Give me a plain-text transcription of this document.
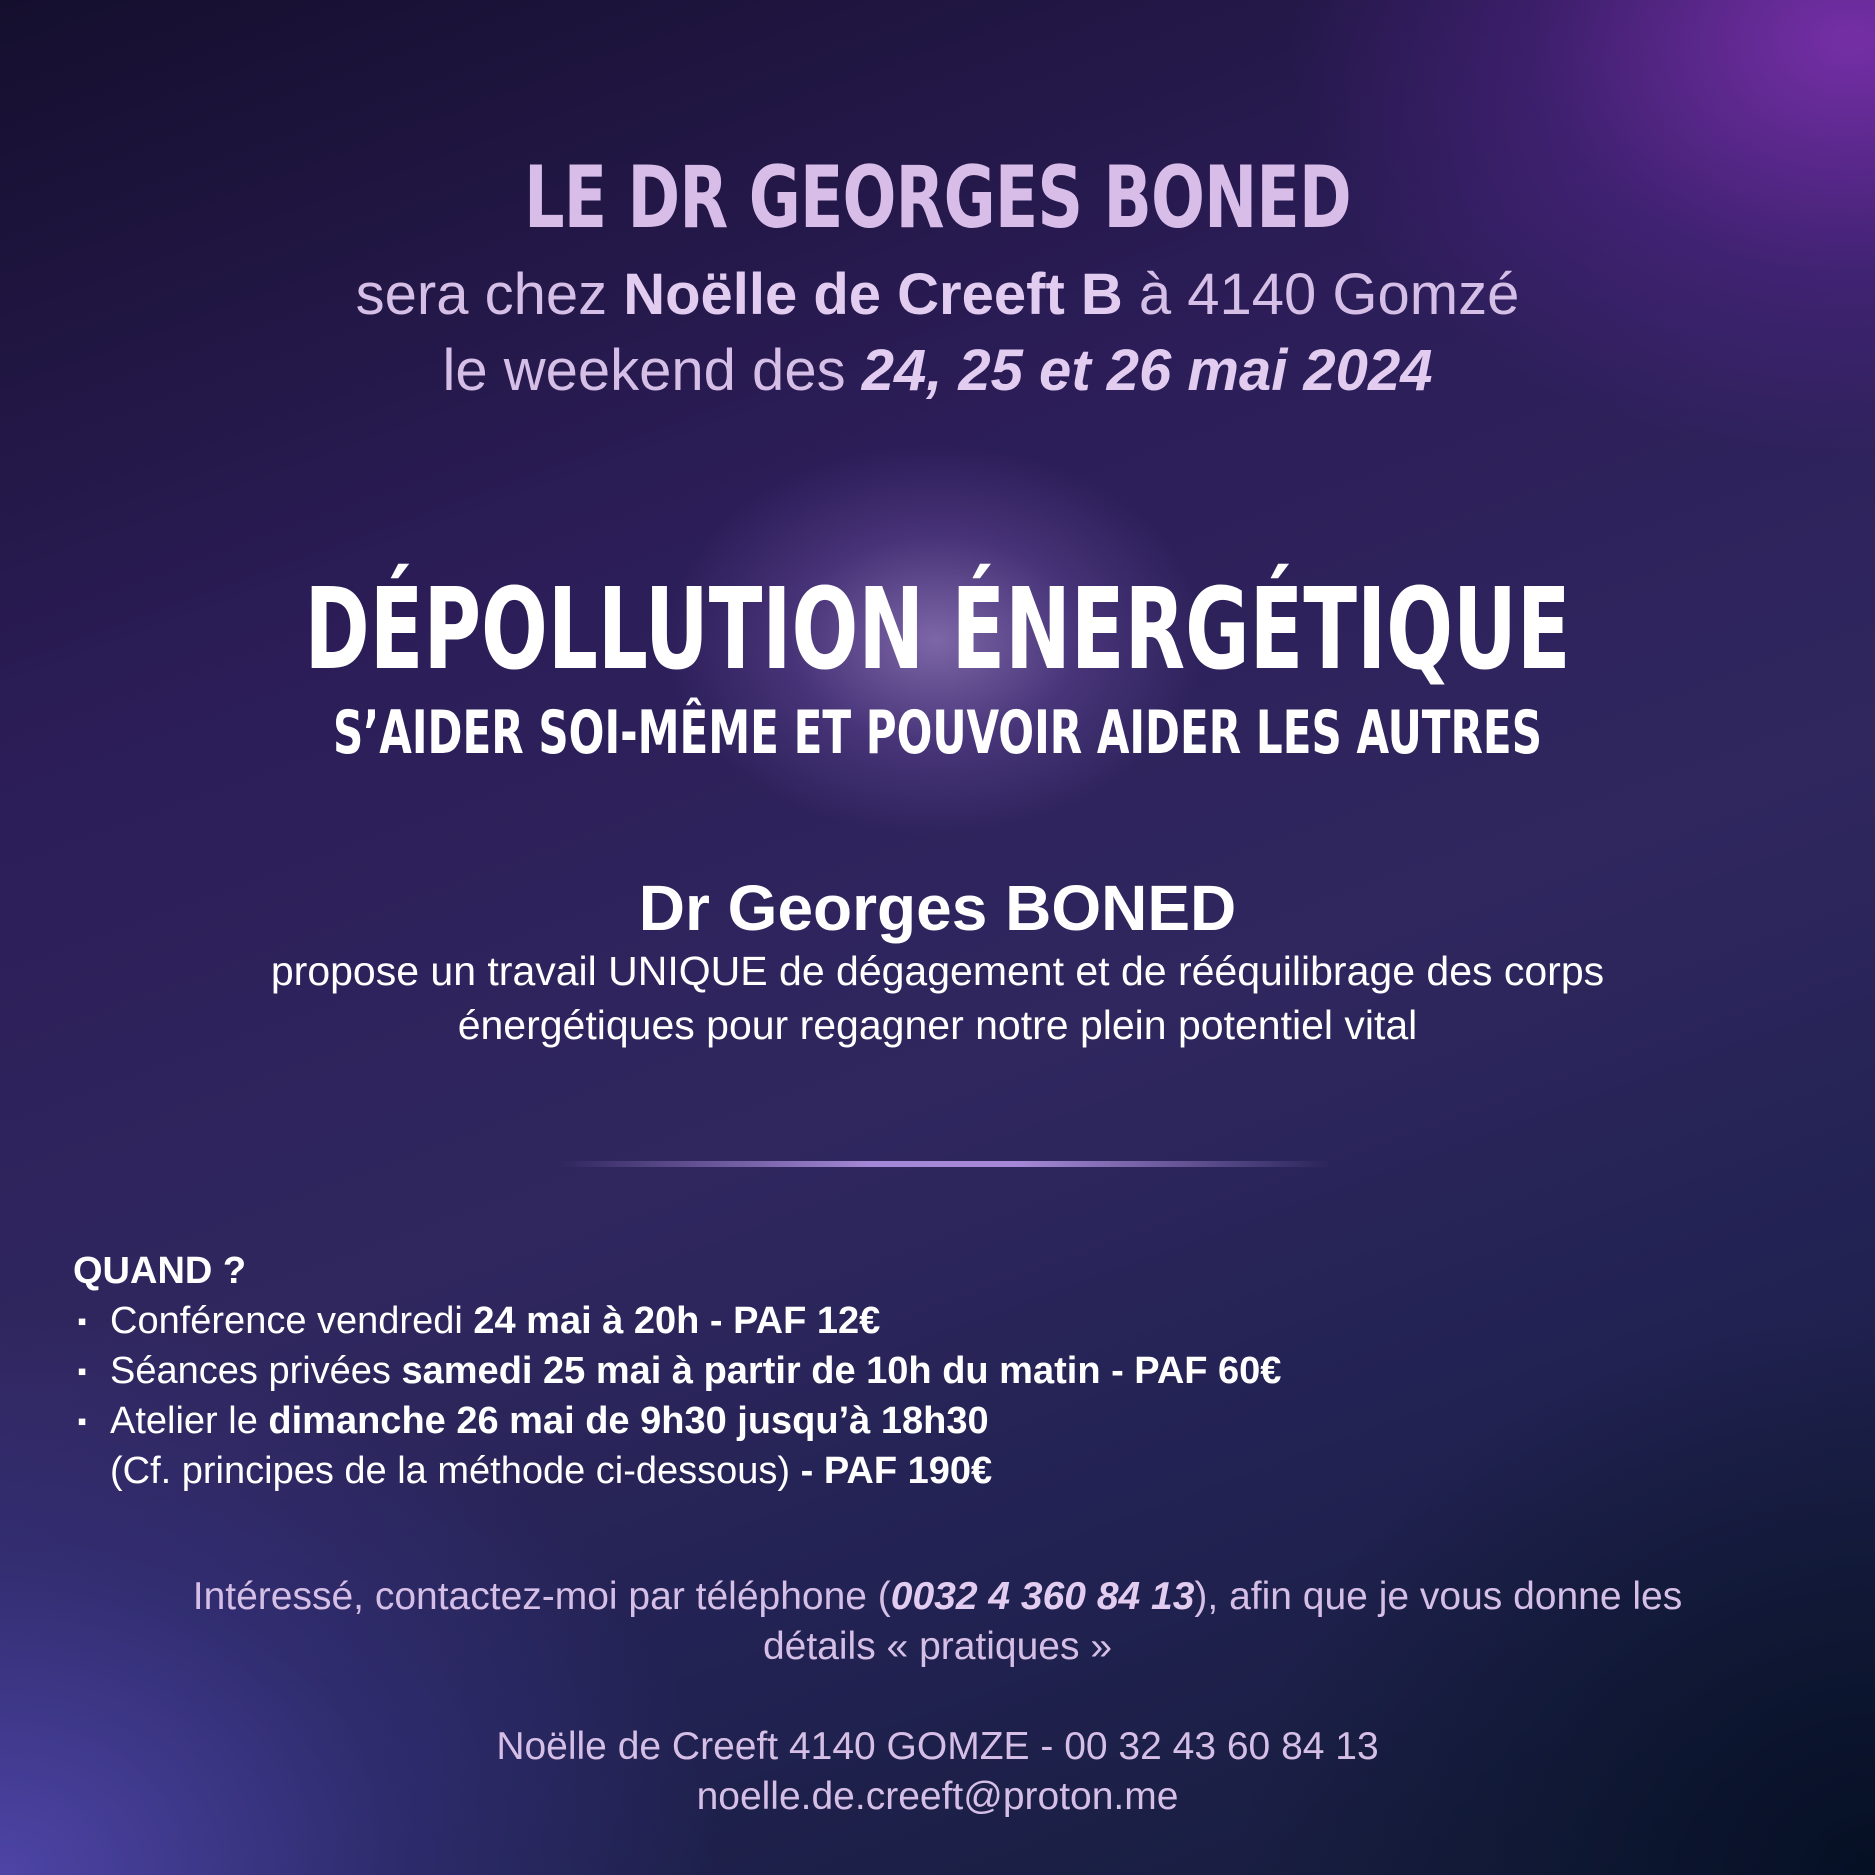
LE DR GEORGES BONED

sera chez Noëlle de Creeft B à 4140 Gomzé

le weekend des 24, 25 et 26 mai 2024

DÉPOLLUTION ÉNERGÉTIQUE
S’AIDER SOI-MÊME ET POUVOIR AIDER LES AUTRES

Dr Georges BONED

propose un travail UNIQUE de dégagement et de rééquilibrage des corps
énergétiques pour regagner notre plein potentiel vital

QUAND ?

▪ Conférence vendredi 24 mai à 20h - PAF 12€
▪ Séances privées samedi 25 mai à partir de 10h du matin - PAF 60€
▪ Atelier le dimanche 26 mai de 9h30 jusqu’à 18h30
(Cf. principes de la méthode ci-dessous) - PAF 190€

Intéressé, contactez-moi par téléphone (0032 4 360 84 13), afin que je vous donne les
détails « pratiques »

Noëlle de Creeft 4140 GOMZE - 00 32 43 60 84 13
noelle.de.creeft@proton.me
